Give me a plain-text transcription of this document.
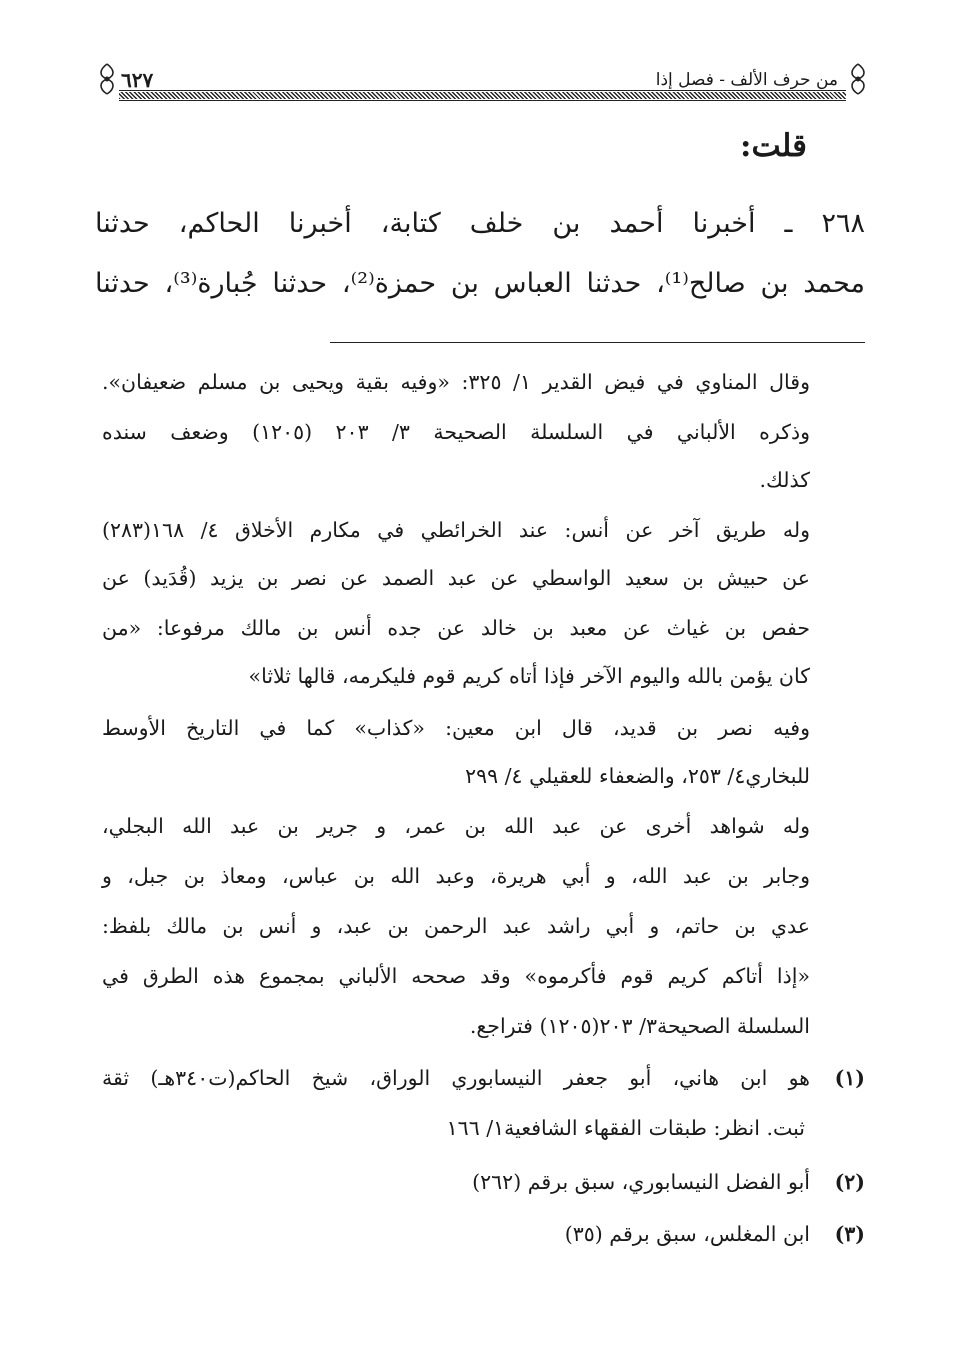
من حرف الألف - فصل إذا
٦٢٧
قلت:
٢٦٨ ـ أخبرنا أحمد بن خلف كتابة، أخبرنا الحاكم، حدثنا
محمد بن صالح⁽¹⁾، حدثنا العباس بن حمزة⁽²⁾، حدثنا جُبارة⁽³⁾، حدثنا
وقال المناوي في فيض القدير ١/ ٣٢٥: «وفيه بقية ويحيى بن مسلم ضعيفان».
وذكره الألباني في السلسلة الصحيحة ٣/ ٢٠٣ (١٢٠٥) وضعف سنده
كذلك.
وله طريق آخر عن أنس: عند الخرائطي في مكارم الأخلاق ٤/ ١٦٨(٢٨٣)
عن حبيش بن سعيد الواسطي عن عبد الصمد عن نصر بن يزيد (قُدَيد) عن
حفص بن غياث عن معبد بن خالد عن جده أنس بن مالك مرفوعا: «من
كان يؤمن بالله واليوم الآخر فإذا أتاه كريم قوم فليكرمه، قالها ثلاثا»
وفيه نصر بن قديد، قال ابن معين: «كذاب» كما في التاريخ الأوسط
للبخاري٤/ ٢٥٣، والضعفاء للعقيلي ٤/ ٢٩٩
وله شواهد أخرى عن عبد الله بن عمر، و جرير بن عبد الله البجلي،
وجابر بن عبد الله، و أبي هريرة، وعبد الله بن عباس، ومعاذ بن جبل، و
عدي بن حاتم، و أبي راشد عبد الرحمن بن عبد، و أنس بن مالك بلفظ:
«إذا أتاكم كريم قوم فأكرموه» وقد صححه الألباني بمجموع هذه الطرق في
السلسلة الصحيحة٣/ ٢٠٣(١٢٠٥) فتراجع.
(١)
هو ابن هاني، أبو جعفر النيسابوري الوراق، شيخ الحاكم(ت٣٤٠هـ) ثقة
ثبت. انظر: طبقات الفقهاء الشافعية١/ ١٦٦
(٢)
أبو الفضل النيسابوري، سبق برقم (٢٦٢)
(٣)
ابن المغلس، سبق برقم (٣٥)
